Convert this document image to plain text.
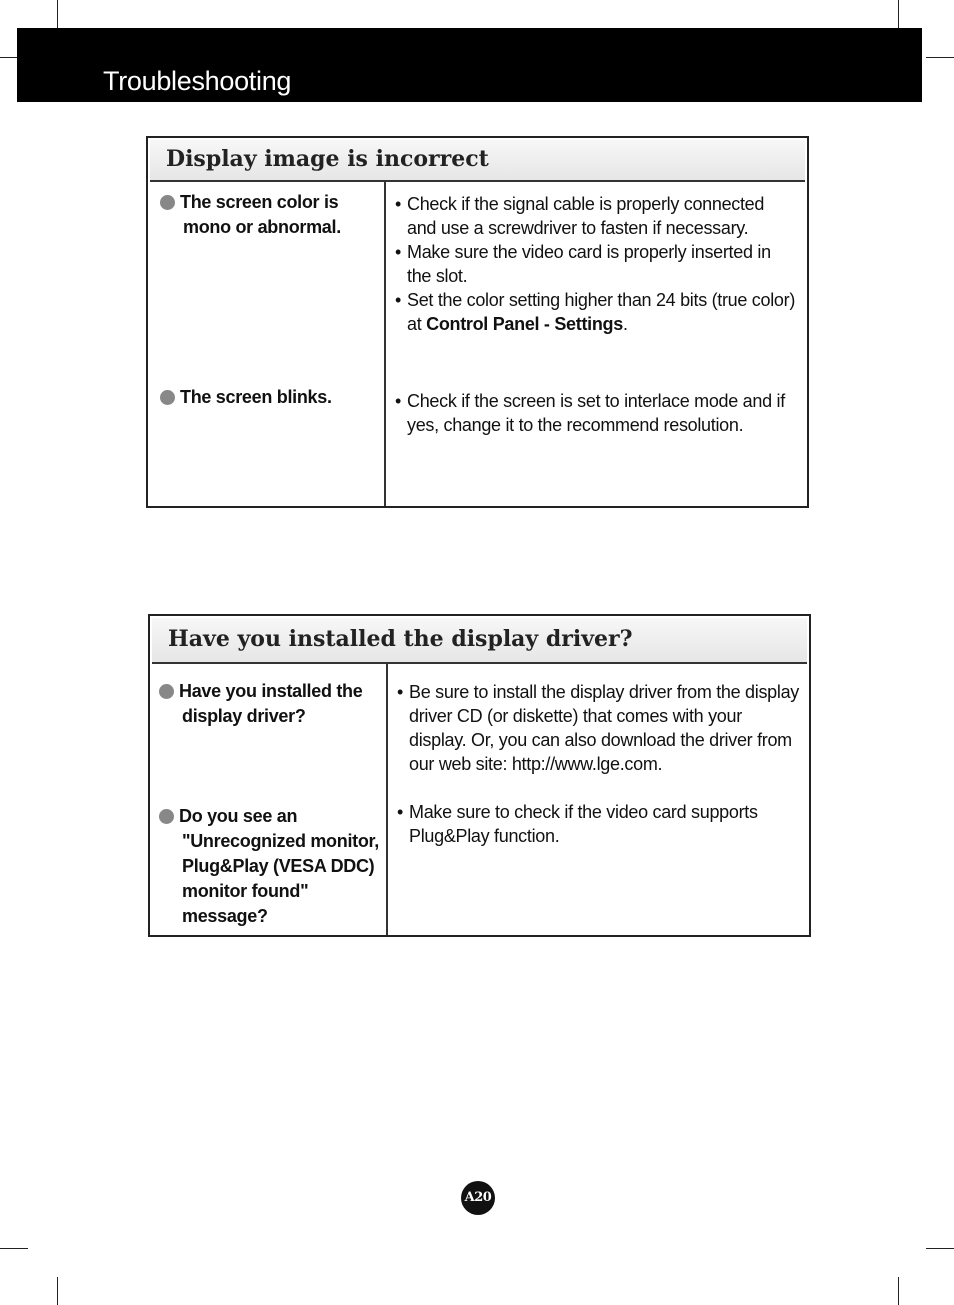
Troubleshooting
Display image is incorrect
The screen color is
mono or abnormal.
• Check if the signal cable is properly connected
and use a screwdriver to fasten if necessary.
• Make sure the video card is properly inserted in
the slot.
• Set the color setting higher than 24 bits (true color)
at Control Panel - Settings.
The screen blinks.	• Check if the screen is set to interlace mode and if
yes, change it to the recommend resolution.
Have you installed the display driver?
Have you installed the
display driver?
• Be sure to install the display driver from the display
driver CD (or diskette) that comes with your
display. Or, you can also download the driver from
our web site: http://www.lge.com.
Do you see an
"Unrecognized monitor,
Plug&Play (VESA DDC)
monitor found"
message?
• Make sure to check if the video card supports
Plug&Play function.
A20
